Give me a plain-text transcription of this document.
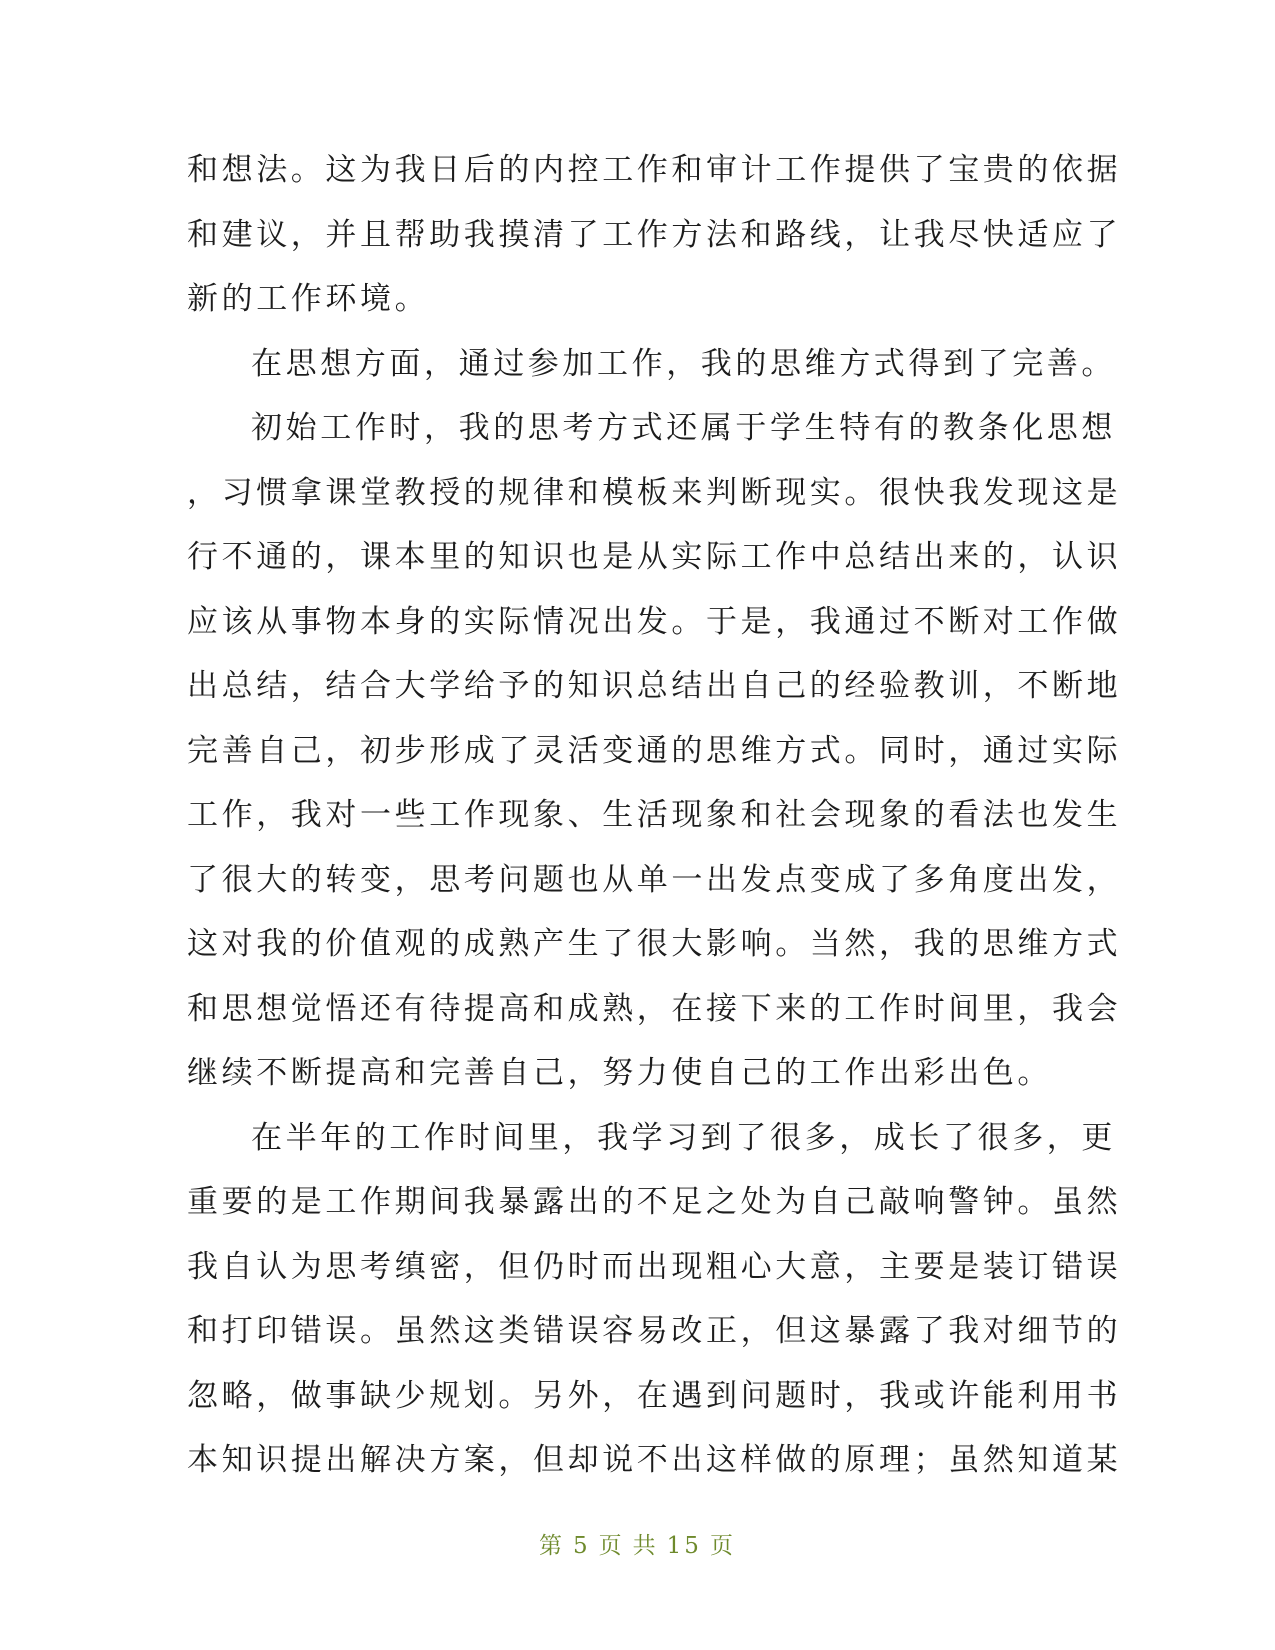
和想法。这为我日后的内控工作和审计工作提供了宝贵的依据
和建议，并且帮助我摸清了工作方法和路线，让我尽快适应了
新的工作环境。
在思想方面，通过参加工作，我的思维方式得到了完善。
初始工作时，我的思考方式还属于学生特有的教条化思想
，习惯拿课堂教授的规律和模板来判断现实。很快我发现这是
行不通的，课本里的知识也是从实际工作中总结出来的，认识
应该从事物本身的实际情况出发。于是，我通过不断对工作做
出总结，结合大学给予的知识总结出自己的经验教训，不断地
完善自己，初步形成了灵活变通的思维方式。同时，通过实际
工作，我对一些工作现象、生活现象和社会现象的看法也发生
了很大的转变，思考问题也从单一出发点变成了多角度出发，
这对我的价值观的成熟产生了很大影响。当然，我的思维方式
和思想觉悟还有待提高和成熟，在接下来的工作时间里，我会
继续不断提高和完善自己，努力使自己的工作出彩出色。
在半年的工作时间里，我学习到了很多，成长了很多，更
重要的是工作期间我暴露出的不足之处为自己敲响警钟。虽然
我自认为思考缜密，但仍时而出现粗心大意，主要是装订错误
和打印错误。虽然这类错误容易改正，但这暴露了我对细节的
忽略，做事缺少规划。另外，在遇到问题时，我或许能利用书
本知识提出解决方案，但却说不出这样做的原理；虽然知道某
第 5 页 共 15 页
